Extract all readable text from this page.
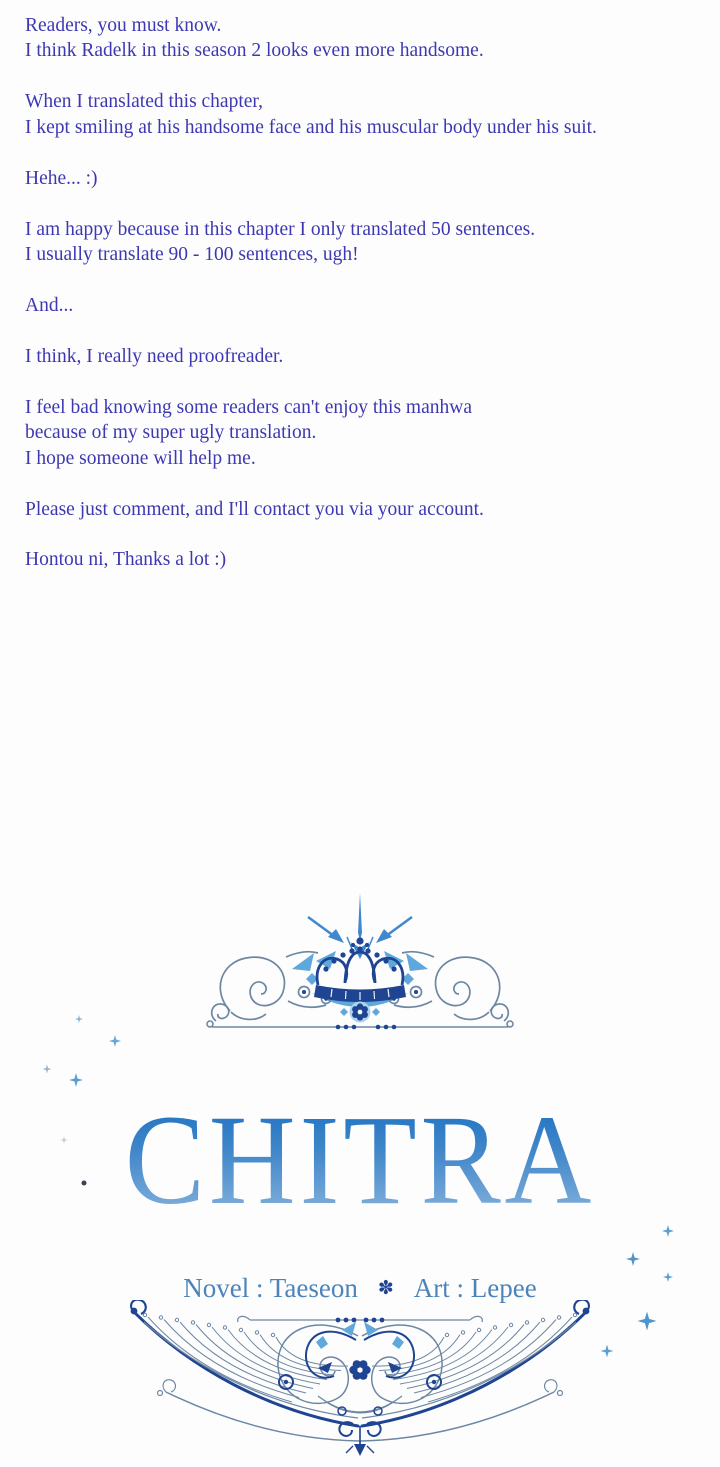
Readers, you must know.
I think Radelk in this season 2 looks even more handsome.

When I translated this chapter,
I kept smiling at his handsome face and his muscular body under his suit.

Hehe... :)

I am happy because in this chapter I only translated 50 sentences.
I usually translate 90 - 100 sentences, ugh!

And...

I think, I really need proofreader.

I feel bad knowing some readers can't enjoy this manhwa
because of my super ugly translation.
I hope someone will help me.

Please just comment, and I'll contact you via your account.

Hontou ni, Thanks a lot :)

CHITRA
Novel : Taeseon ✽ Art : Lepee
